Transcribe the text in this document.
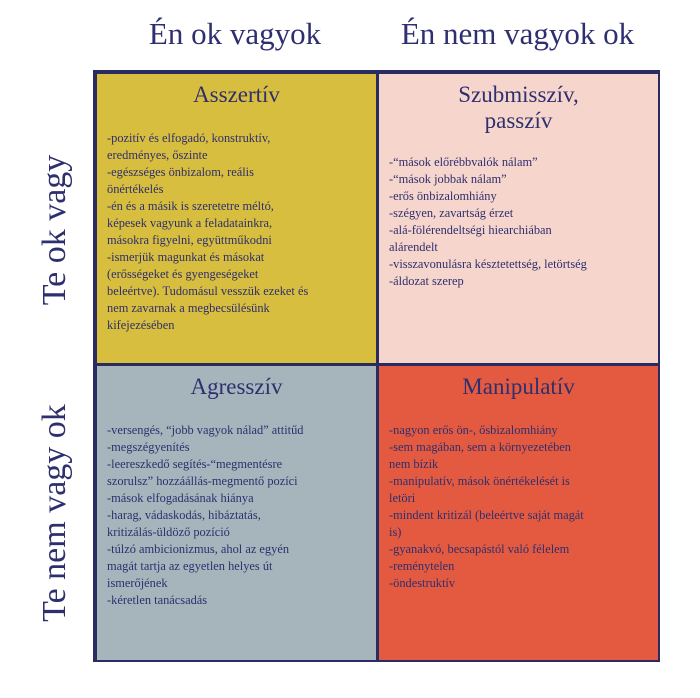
Én ok vagyok	Én nem vagyok ok
Te ok vagy
Te nem vagy ok
Asszertív
-pozitív és elfogadó, konstruktív,
eredményes, őszinte
-egészséges önbizalom, reális
önértékelés
-én és a másik is szeretetre méltó,
képesek vagyunk a feladatainkra,
másokra figyelni, együttműkodni
-ismerjük magunkat és másokat
(erősségeket és gyengeségeket
beleértve). Tudomásul vesszük ezeket és
nem zavarnak a megbecsülésünk
kifejezésében
Szubmisszív,
passzív
-“mások előrébbvalók nálam”
-“mások jobbak nálam”
-erős önbizalomhiány
-szégyen, zavartság érzet
-alá-fölérendeltségi hiearchiában
alárendelt
-visszavonulásra késztetettség, letörtség
-áldozat szerep
Agresszív
-versengés, “jobb vagyok nálad” attitűd
-megszégyenítés
-leereszkedő segítés-“megmentésre
szorulsz” hozzáállás-megmentő pozíci
-mások elfogadásának hiánya
-harag, vádaskodás, hibáztatás,
kritizálás-üldöző pozíció
-túlzó ambicionizmus, ahol az egyén
magát tartja az egyetlen helyes út
ismerőjének
-kéretlen tanácsadás
Manipulatív
-nagyon erős ön-, ősbizalomhiány
-sem magában, sem a környezetében
nem bízik
-manipulatív, mások önértékelését is
letöri
-mindent kritizál (beleértve saját magát
is)
-gyanakvó, becsapástól való félelem
-reménytelen
-öndestruktív
